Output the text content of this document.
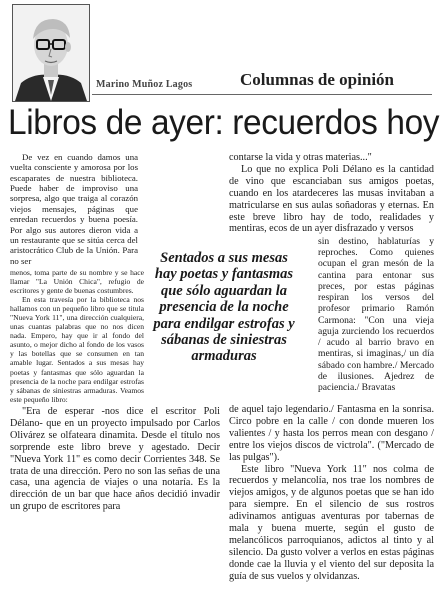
Marino Muñoz Lagos	Columnas de opinión
Libros de ayer: recuerdos hoy

De vez en cuando damos una vuelta consciente y amorosa por los escaparates de nuestra biblioteca. Puede haber de improviso una sorpresa, algo que traiga al corazón viejos mensajes, páginas que enredan recuerdos y buena poesía. Por algo sus autores dieron vida a un restaurante que se sitúa cerca del aristocrático Club de la Unión. Para no ser

contarse la vida y otras materias..."

Lo que no explica Poli Délano es la cantidad de vino que escanciaban sus amigos poetas, cuando en los atardeceres las musas invitaban a matricularse en sus aulas soñadoras y eternas. En este breve libro hay de todo, realidades y mentiras, ecos de un ayer disfrazado y versos

Sentados a sus mesas hay poetas y fantasmas que sólo aguardan la presencia de la noche para endilgar estrofas y sábanas de siniestras armaduras

sin destino, hablaturías y reproches. Como quienes ocupan el gran mesón de la cantina para entonar sus preces, por estas páginas respiran los versos del profesor primario Ramón Carmona: "Con una vieja aguja zurciendo los recuerdos / acudo al barrio bravo en mentiras, si imaginas,/ un día sábado con hambre./ Mercado de ilusiones. Ajedrez de paciencia./ Bravatas

de aquel tajo legendario./ Fantasma en la sonrisa. Circo pobre en la calle / con donde mueren los valientes / y hasta los perros mean con desgano / entre los viejos discos de victrola". ("Mercado de las pulgas").

Este libro "Nueva York 11" nos colma de recuerdos y melancolía, nos trae los nombres de viejos amigos, y de algunos poetas que se han ido para siempre. En el silencio de sus rostros adivinamos antiguas aventuras por tabernas de mala y buena muerte, según el gusto de melancólicos parroquianos, adictos al tinto y al silencio. Da gusto volver a verlos en estas páginas donde cae la lluvia y el viento del sur deposita la guía de sus vuelos y olvidanzas.

"Era de esperar -nos dice el escritor Poli Délano- que en un proyecto impulsado por Carlos Olivárez se olfateara dinamita. Desde el título nos sorprende este libro breve y agestado. Decir "Nueva York 11" es como decir Corrientes 348. Se trata de una dirección. Pero no son las señas de una casa, una agencia de viajes o una notaría. Es la dirección de un bar que hace años decidió invadir un grupo de escritores para

menos, toma parte de su nombre y se hace llamar "La Unión Chica", refugio de escritores y gente de buenas costumbres.

En esta travesía por la biblioteca nos hallamos con un pequeño libro que se titula "Nueva York 11", una dirección cualquiera, unas cuantas palabras que no nos dicen nada. Empero, hay que ir al fondo del asunto, o mejor dicho al fondo de los vasos y las botellas que se consumen en tan amable lugar. Sentados a sus mesas hay poetas y fantasmas que sólo aguardan la presencia de la noche para endilgar estrofas y sábanas de siniestras armaduras. Veamos este pequeño libro:
